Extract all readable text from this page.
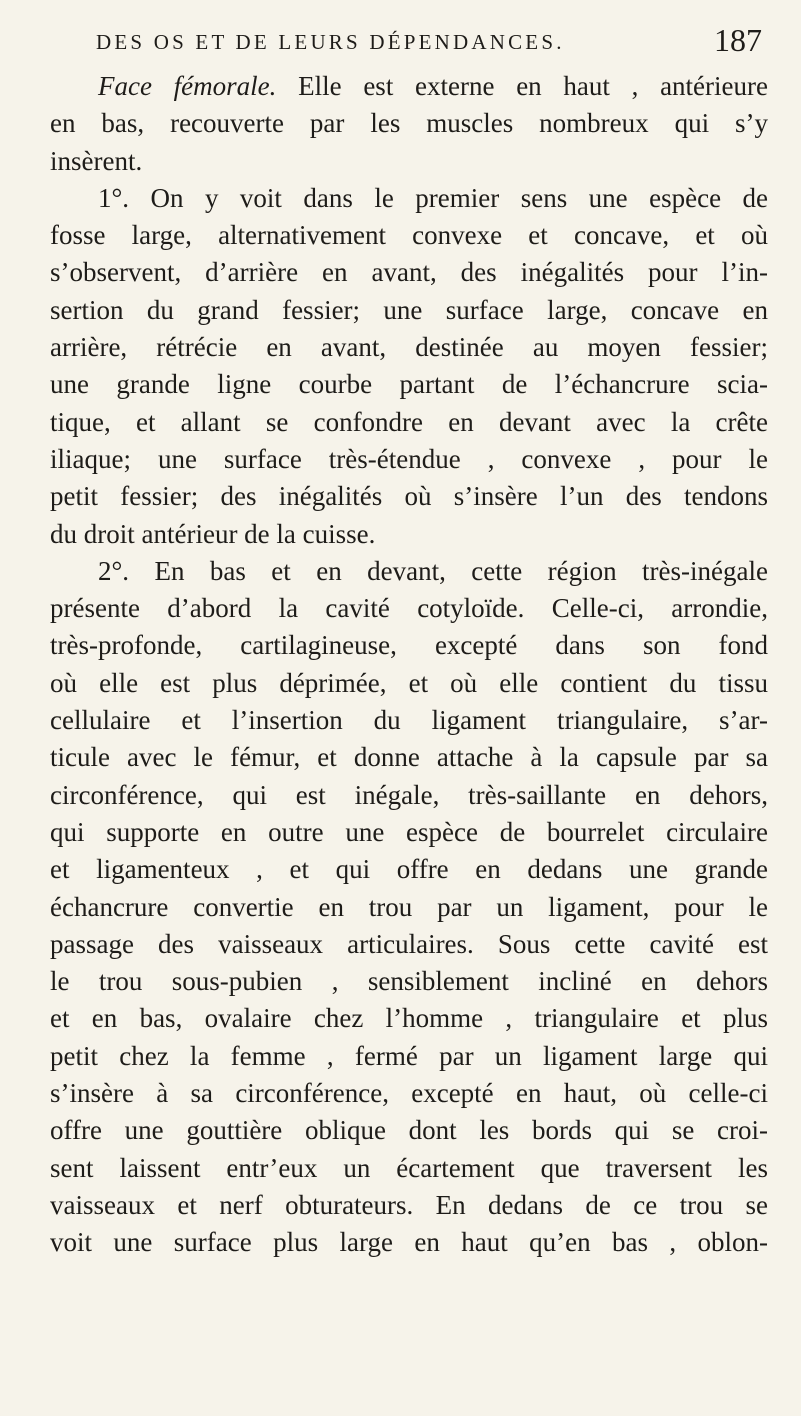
DES OS ET DE LEURS DÉPENDANCES.	187
Face fémorale. Elle est externe en haut , antérieure
en bas, recouverte par les muscles nombreux qui s’y
insèrent.
1°. On y voit dans le premier sens une espèce de
fosse large, alternativement convexe et concave, et où
s’observent, d’arrière en avant, des inégalités pour l’in-
sertion du grand fessier; une surface large, concave en
arrière, rétrécie en avant, destinée au moyen fessier;
une grande ligne courbe partant de l’échancrure scia-
tique, et allant se confondre en devant avec la crête
iliaque; une surface très-étendue , convexe , pour le
petit fessier; des inégalités où s’insère l’un des tendons
du droit antérieur de la cuisse.
2°. En bas et en devant, cette région très-inégale
présente d’abord la cavité cotyloïde. Celle-ci, arrondie,
très-profonde, cartilagineuse, excepté dans son fond
où elle est plus déprimée, et où elle contient du tissu
cellulaire et l’insertion du ligament triangulaire, s’ar-
ticule avec le fémur, et donne attache à la capsule par sa
circonférence, qui est inégale, très-saillante en dehors,
qui supporte en outre une espèce de bourrelet circulaire
et ligamenteux , et qui offre en dedans une grande
échancrure convertie en trou par un ligament, pour le
passage des vaisseaux articulaires. Sous cette cavité est
le trou sous-pubien , sensiblement incliné en dehors
et en bas, ovalaire chez l’homme , triangulaire et plus
petit chez la femme , fermé par un ligament large qui
s’insère à sa circonférence, excepté en haut, où celle-ci
offre une gouttière oblique dont les bords qui se croi-
sent laissent entr’eux un écartement que traversent les
vaisseaux et nerf obturateurs. En dedans de ce trou se
voit une surface plus large en haut qu’en bas , oblon-
